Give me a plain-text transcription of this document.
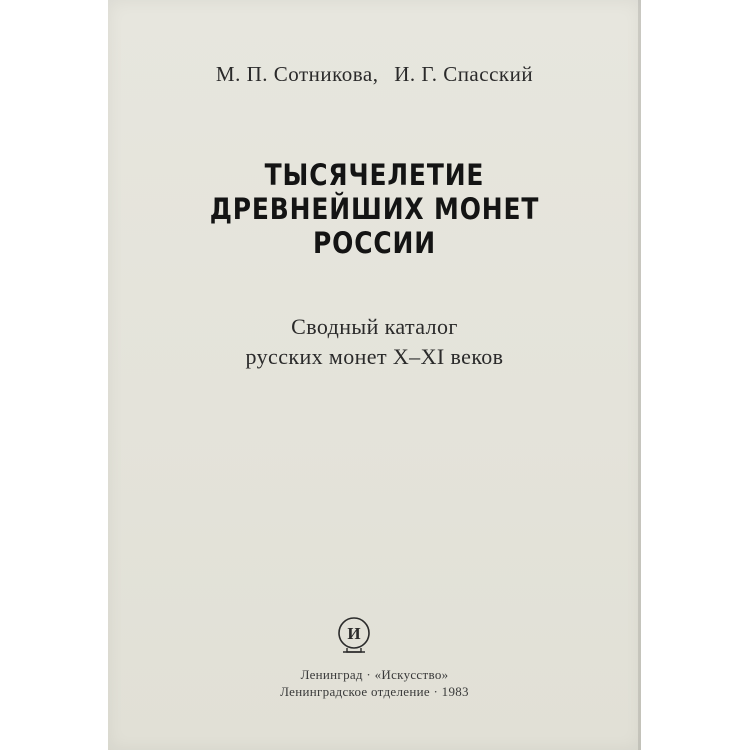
М. П. Сотникова, И. Г. Спасский
ТЫСЯЧЕЛЕТИЕ
ДРЕВНЕЙШИХ МОНЕТ
РОССИИ
Сводный каталог
русских монет X–XI веков
И
Ленинград · «Искусство»
Ленинградское отделение · 1983
